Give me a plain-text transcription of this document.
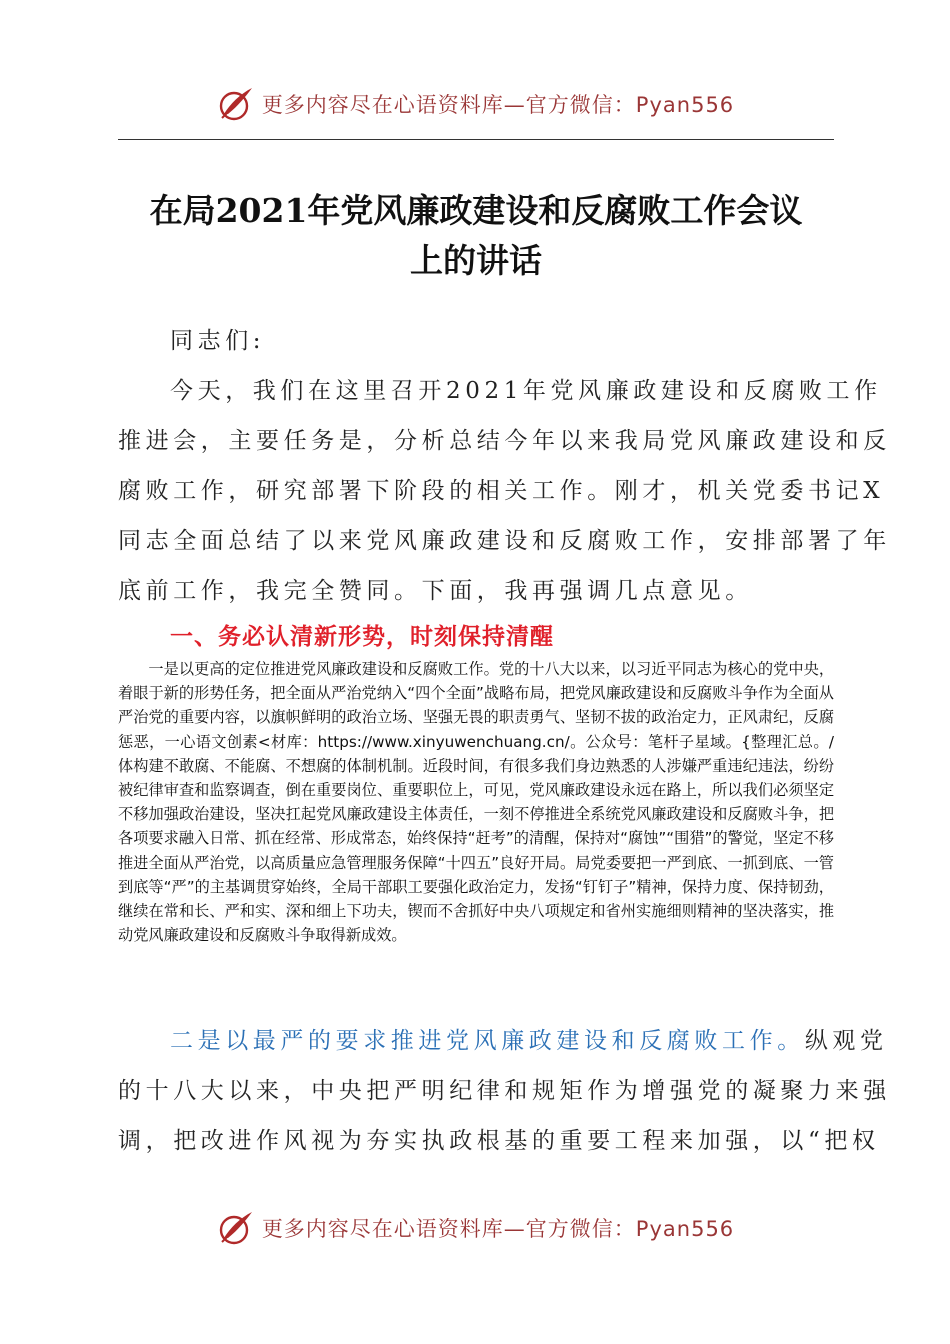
更多内容尽在心语资料库—官方微信：Pyan556
在局2021年党风廉政建设和反腐败工作会议
上的讲话
同志们:
今天，我们在这里召开2021年党风廉政建设和反腐败工作
推进会，主要任务是，分析总结今年以来我局党风廉政建设和反
腐败工作，研究部署下阶段的相关工作。刚才，机关党委书记X
同志全面总结了以来党风廉政建设和反腐败工作，安排部署了年
底前工作，我完全赞同。下面，我再强调几点意见。
一、务必认清新形势，时刻保持清醒
一是以更高的定位推进党风廉政建设和反腐败工作。党的十八大以来，以习近平同志为核心的党中央，着眼于新的形势任务，把全面从严治党纳入“四个全面”战略布局，把党风廉政建设和反腐败斗争作为全面从严治党的重要内容，以旗帜鲜明的政治立场、坚强无畏的职责勇气、坚韧不拔的政治定力，正风肃纪，反腐惩恶，一心语文创素<材库：https://www.xinyuwenchuang.cn/。公众号：笔杆子星域。{整理汇总。/体构建不敢腐、不能腐、不想腐的体制机制。近段时间，有很多我们身边熟悉的人涉嫌严重违纪违法，纷纷被纪律审查和监察调查，倒在重要岗位、重要职位上，可见，党风廉政建设永远在路上，所以我们必须坚定不移加强政治建设，坚决扛起党风廉政建设主体责任，一刻不停推进全系统党风廉政建设和反腐败斗争，把各项要求融入日常、抓在经常、形成常态，始终保持“赶考”的清醒，保持对“腐蚀”“围猎”的警觉，坚定不移推进全面从严治党，以高质量应急管理服务保障“十四五”良好开局。局党委要把一严到底、一抓到底、一管到底等“严”的主基调贯穿始终，全局干部职工要强化政治定力，发扬“钉钉子”精神，保持力度、保持韧劲，继续在常和长、严和实、深和细上下功夫，锲而不舍抓好中央八项规定和省州实施细则精神的坚决落实，推动党风廉政建设和反腐败斗争取得新成效。
二是以最严的要求推进党风廉政建设和反腐败工作。纵观党
的十八大以来，中央把严明纪律和规矩作为增强党的凝聚力来强
调，把改进作风视为夯实执政根基的重要工程来加强，以“把权
更多内容尽在心语资料库—官方微信：Pyan556
